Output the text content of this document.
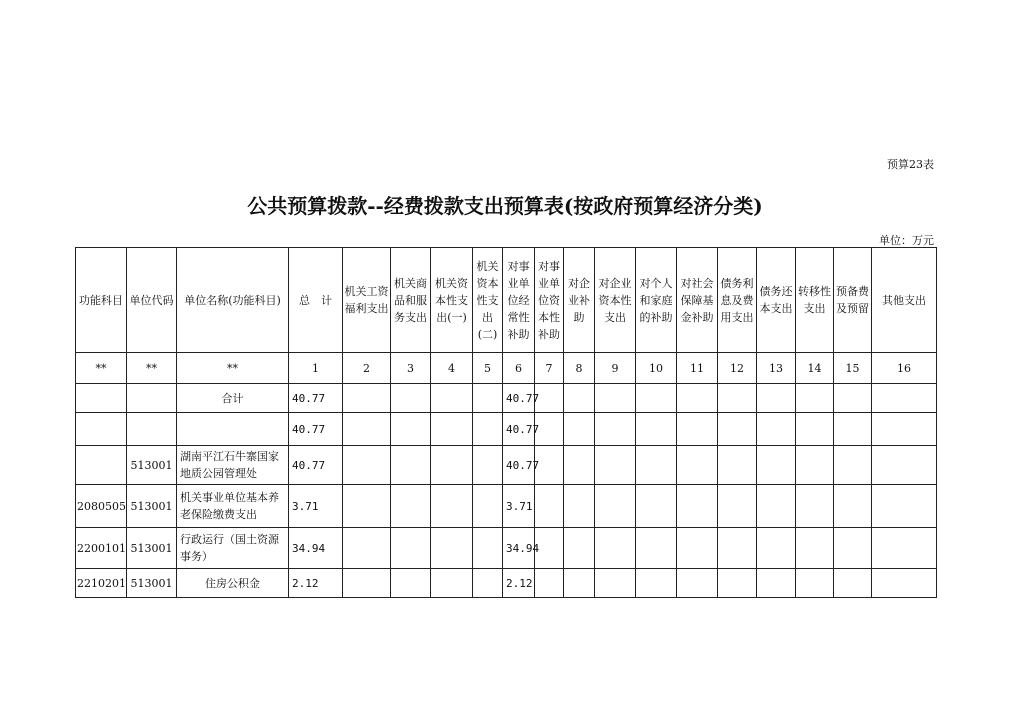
预算23表
公共预算拨款--经费拨款支出预算表(按政府预算经济分类)
单位：万元
功能科目	单位代码	单位名称(功能科目)	总　计	机关工资福利支出	机关商品和服务支出	机关资本性支出(一)	机关资本性支出(二)	对事业单位经常性补助	对事业单位资本性补助	对企业补助	对企业资本性支出	对个人和家庭的补助	对社会保障基金补助	债务利息及费用支出	债务还本支出	转移性支出	预备费及预留	其他支出
**	**	**	1	2	3	4	5	6	7	8	9	10	11	12	13	14	15	16
		合计	40.77					40.77										
			40.77					40.77										
	513001	湖南平江石牛寨国家地质公园管理处	40.77					40.77										
2080505	513001	机关事业单位基本养老保险缴费支出	3.71					3.71										
2200101	513001	行政运行（国土资源事务）	34.94					34.94										
2210201	513001	住房公积金	2.12					2.12										
